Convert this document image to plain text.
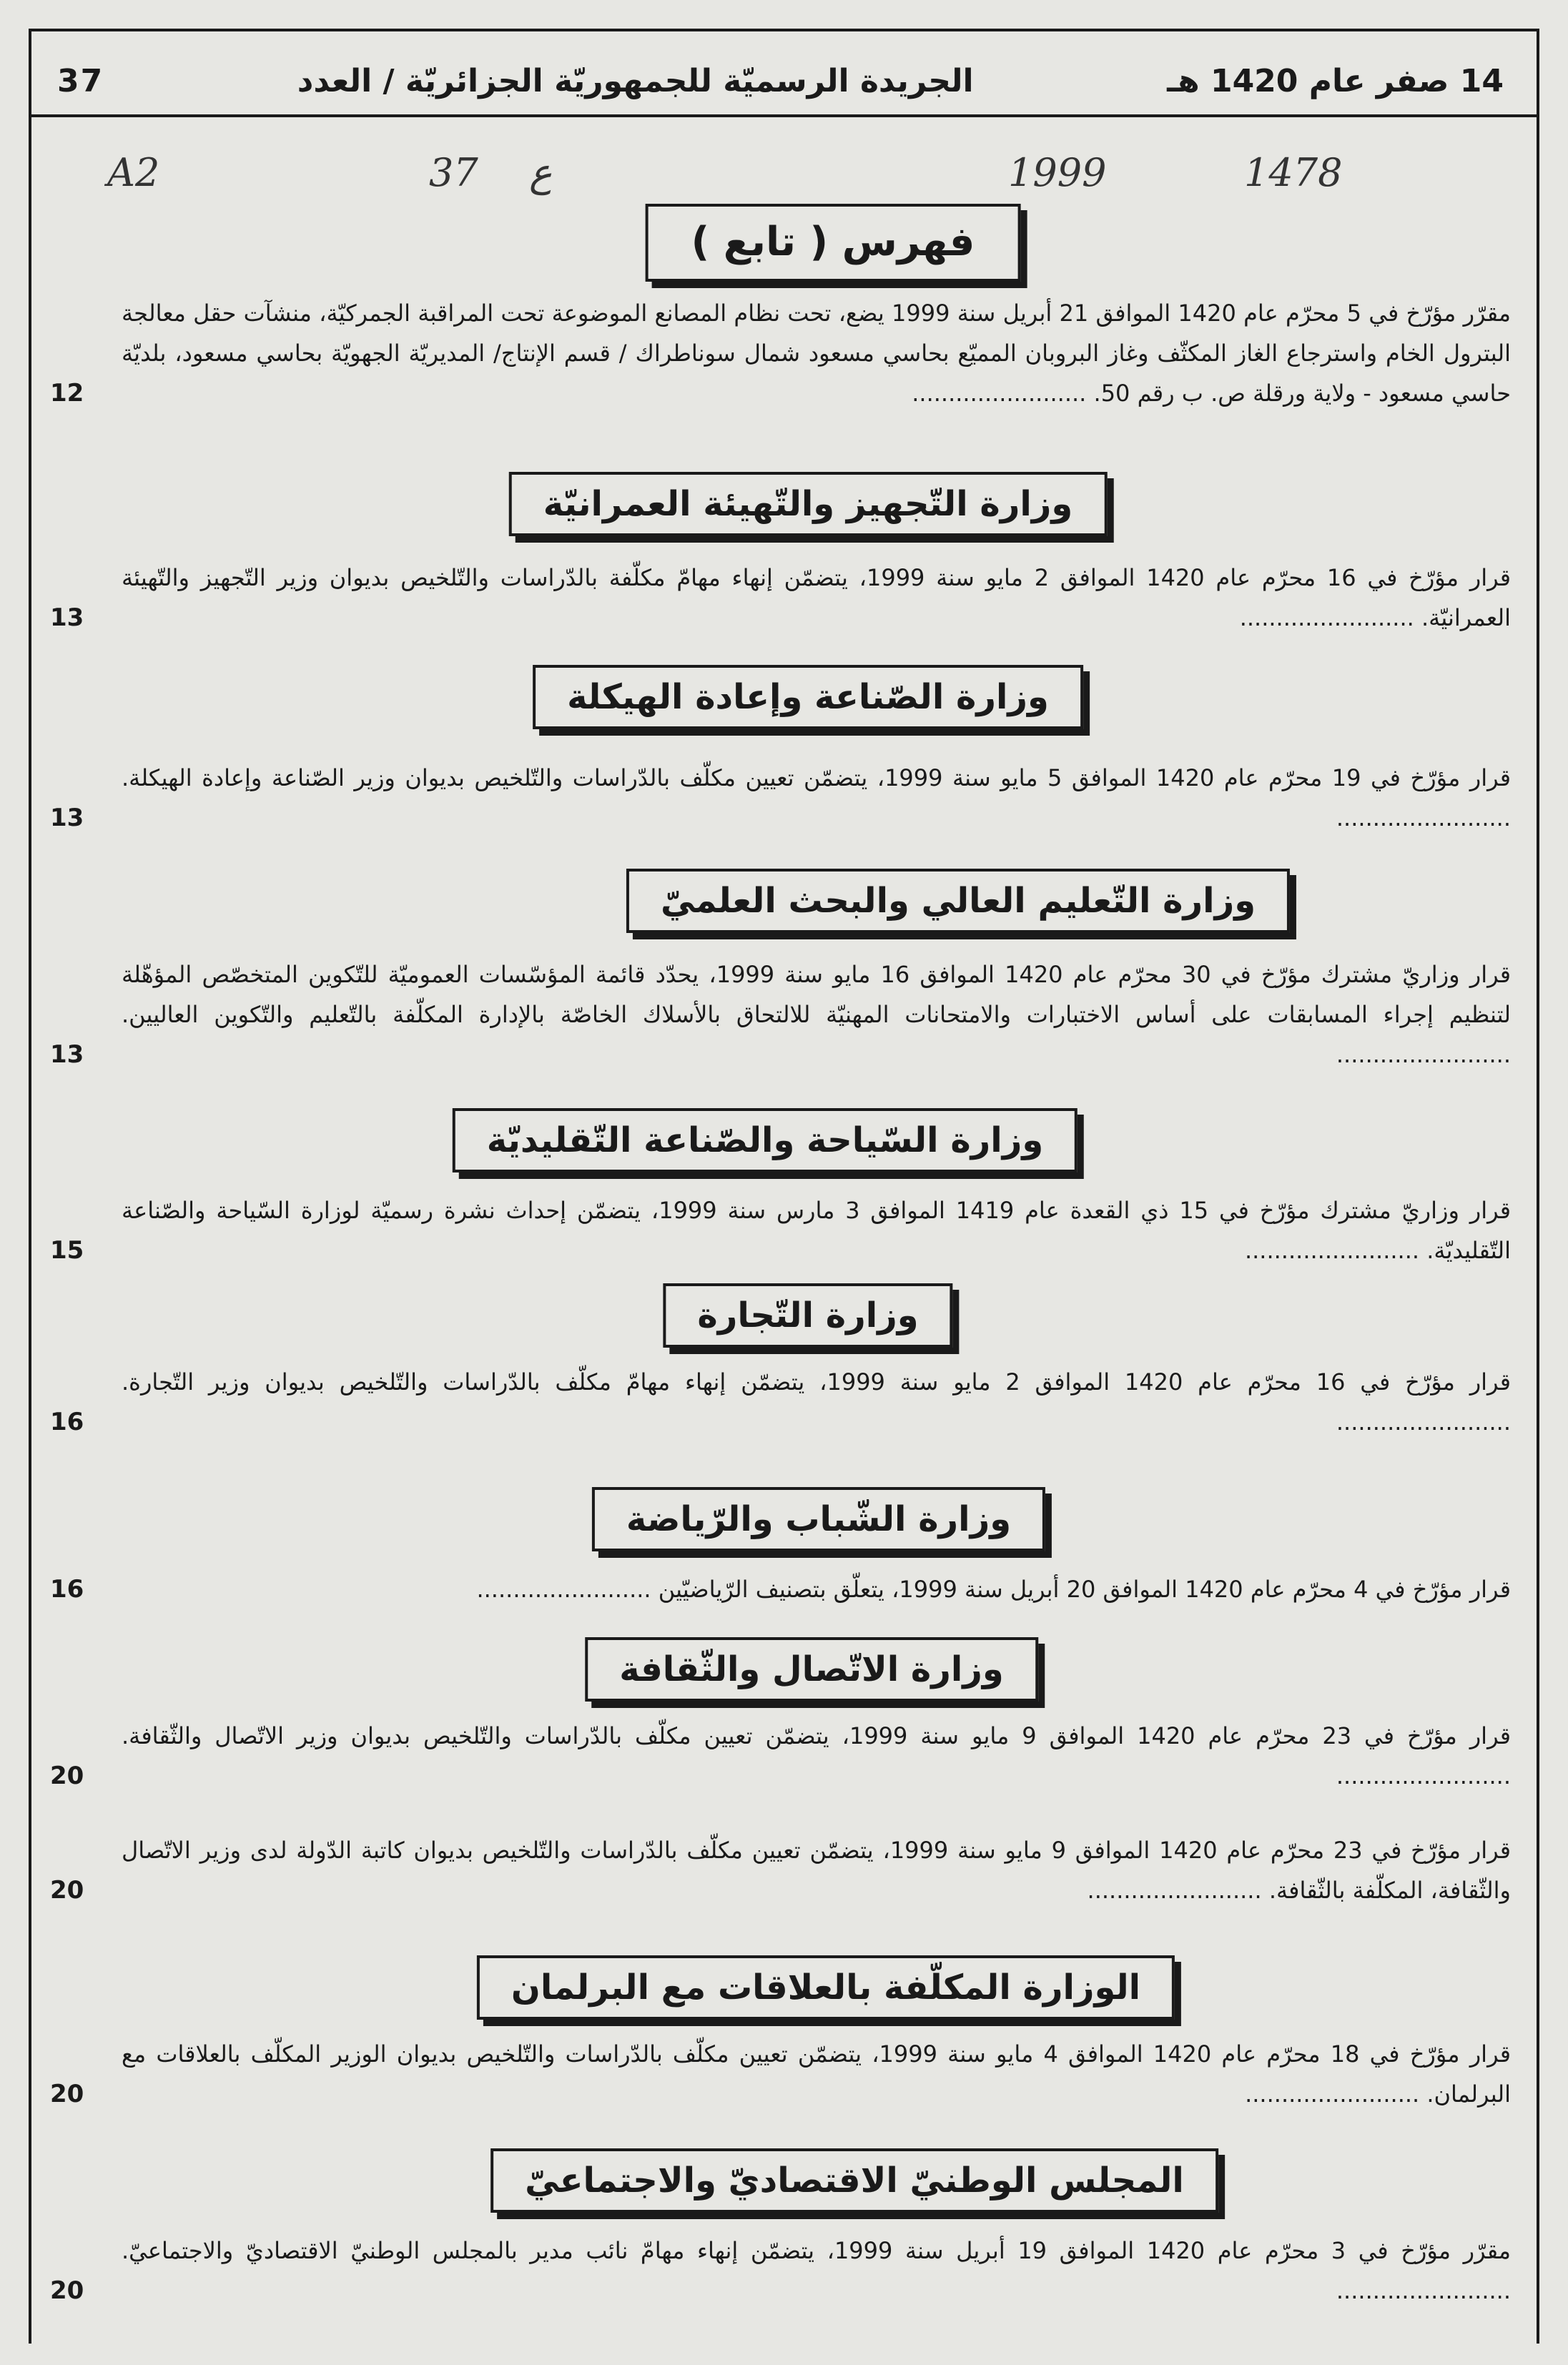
37	الجريدة الرسميّة للجمهوريّة الجزائريّة / العدد	14 صفر عام 1420 هـ
A2	37 ع	1999	1478
فهرس ( تابع )
مقرّر مؤرّخ في 5 محرّم عام 1420 الموافق 21 أبريل سنة 1999 يضع، تحت نظام المصانع الموضوعة تحت المراقبة الجمركيّة، منشآت حقل معالجة البترول الخام واسترجاع الغاز المكثّف وغاز البروبان المميّع بحاسي مسعود شمال سوناطراك / قسم الإنتاج/ المديريّة الجهويّة بحاسي مسعود، بلديّة حاسي مسعود - ولاية ورقلة ص. ب رقم 50. ........................
12
وزارة التّجهيز والتّهيئة العمرانيّة
قرار مؤرّخ في 16 محرّم عام 1420 الموافق 2 مايو سنة 1999، يتضمّن إنهاء مهامّ مكلّفة بالدّراسات والتّلخيص بديوان وزير التّجهيز والتّهيئة العمرانيّة. ........................
13
وزارة الصّناعة وإعادة الهيكلة
قرار مؤرّخ في 19 محرّم عام 1420 الموافق 5 مايو سنة 1999، يتضمّن تعيين مكلّف بالدّراسات والتّلخيص بديوان وزير الصّناعة وإعادة الهيكلة. ........................
13
وزارة التّعليم العالي والبحث العلميّ
قرار وزاريّ مشترك مؤرّخ في 30 محرّم عام 1420 الموافق 16 مايو سنة 1999، يحدّد قائمة المؤسّسات العموميّة للتّكوين المتخصّص المؤهّلة لتنظيم إجراء المسابقات على أساس الاختبارات والامتحانات المهنيّة للالتحاق بالأسلاك الخاصّة بالإدارة المكلّفة بالتّعليم والتّكوين العاليين. ........................
13
وزارة السّياحة والصّناعة التّقليديّة
قرار وزاريّ مشترك مؤرّخ في 15 ذي القعدة عام 1419 الموافق 3 مارس سنة 1999، يتضمّن إحداث نشرة رسميّة لوزارة السّياحة والصّناعة التّقليديّة. ........................
15
وزارة التّجارة
قرار مؤرّخ في 16 محرّم عام 1420 الموافق 2 مايو سنة 1999، يتضمّن إنهاء مهامّ مكلّف بالدّراسات والتّلخيص بديوان وزير التّجارة. ........................
16
وزارة الشّباب والرّياضة
قرار مؤرّخ في 4 محرّم عام 1420 الموافق 20 أبريل سنة 1999، يتعلّق بتصنيف الرّياضيّين ........................
16
وزارة الاتّصال والثّقافة
قرار مؤرّخ في 23 محرّم عام 1420 الموافق 9 مايو سنة 1999، يتضمّن تعيين مكلّف بالدّراسات والتّلخيص بديوان وزير الاتّصال والثّقافة. ........................
20
قرار مؤرّخ في 23 محرّم عام 1420 الموافق 9 مايو سنة 1999، يتضمّن تعيين مكلّف بالدّراسات والتّلخيص بديوان كاتبة الدّولة لدى وزير الاتّصال والثّقافة، المكلّفة بالثّقافة. ........................
20
الوزارة المكلّفة بالعلاقات مع البرلمان
قرار مؤرّخ في 18 محرّم عام 1420 الموافق 4 مايو سنة 1999، يتضمّن تعيين مكلّف بالدّراسات والتّلخيص بديوان الوزير المكلّف بالعلاقات مع البرلمان. ........................
20
المجلس الوطنيّ الاقتصاديّ والاجتماعيّ
مقرّر مؤرّخ في 3 محرّم عام 1420 الموافق 19 أبريل سنة 1999، يتضمّن إنهاء مهامّ نائب مدير بالمجلس الوطنيّ الاقتصاديّ والاجتماعيّ. ........................
20
